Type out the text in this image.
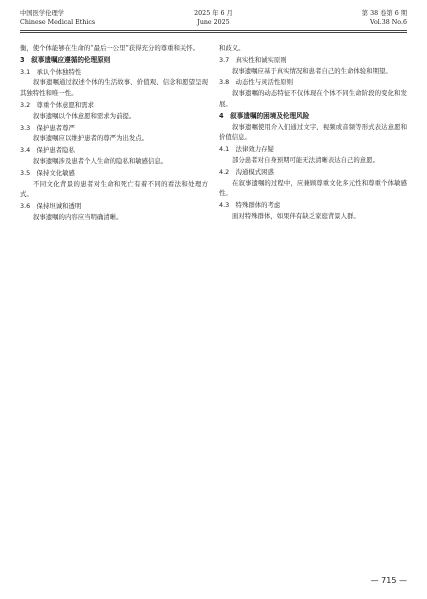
中国医学伦理学
Chinese Medical Ethics
2025 年 6 月
June 2025
第 38 卷第 6 期
Vol.38 No.6

衡，使个体能够在生命的“最后一公里”获得充分的尊重和关怀。

3　叙事遗嘱应遵循的伦理原则

3.1　承认个体独特性

叙事遗嘱通过叙述个体的生活故事、价值观、信念和愿望呈现其独特性和唯一性。

3.2　尊重个体意愿和需求

叙事遗嘱以个体意愿和需求为前提。

3.3　保护患者尊严

叙事遗嘱应以维护患者的尊严为出发点。

3.4　保护患者隐私

叙事遗嘱涉及患者个人生命的隐私和敏感信息。

3.5　保持文化敏感

不同文化背景的患者对生命和死亡有着不同的看法和处理方式。

3.6　保持坦诚和透明

叙事遗嘱的内容应当明确清晰。

和歧义。

3.7　真实性和诚实原则

叙事遗嘱应基于真实情况和患者自己的生命体验和期望。

3.8　动态性与灵活性原则

叙事遗嘱的动态特征不仅体现在个体不同生命阶段的变化和发展。

4　叙事遗嘱的困境及伦理风险

叙事遗嘱使用介入们通过文字、视频或音频等形式表达意愿和价值信息。

4.1　法律效力存疑

部分患者对自身预期可能无法清晰表达自己的意愿。

4.2　沟通模式困惑

在叙事遗嘱的过程中，应兼顾尊重文化多元性和尊重个体敏感性。

4.3　特殊群体的考虑

面对特殊群体，如果伴有缺乏家庭背景人群。

— 715 —
